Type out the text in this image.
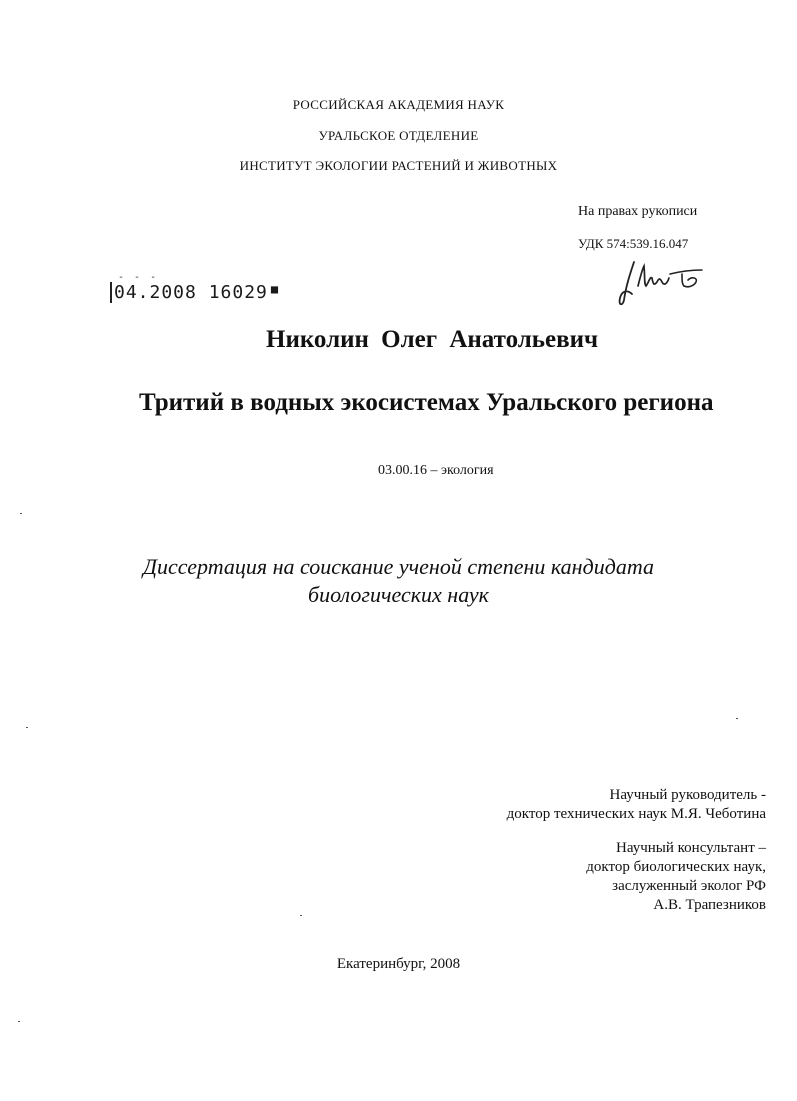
РОССИЙСКАЯ АКАДЕМИЯ НАУК
УРАЛЬСКОЕ ОТДЕЛЕНИЕ
ИНСТИТУТ ЭКОЛОГИИ РАСТЕНИЙ И ЖИВОТНЫХ
На правах рукописи
УДК 574:539.16.047
- - -
04.2008 16029 ■
Николин Олег Анатольевич
Тритий в водных экосистемах Уральского региона
03.00.16 – экология
Диссертация на соискание ученой степени кандидата
биологических наук
Научный руководитель -
доктор технических наук М.Я. Чеботина
Научный консультант –
доктор биологических наук,
заслуженный эколог РФ
А.В. Трапезников
Екатеринбург, 2008
